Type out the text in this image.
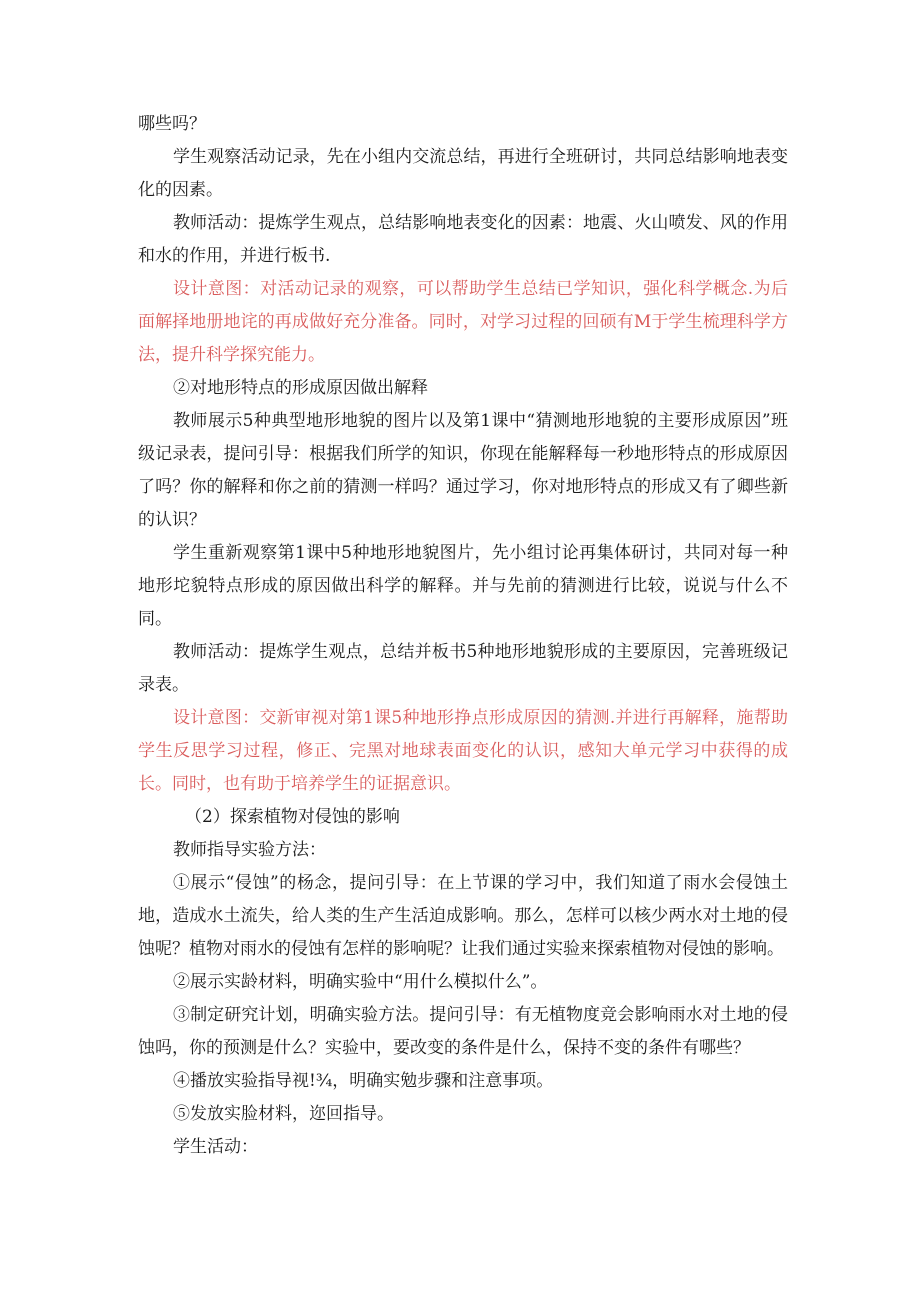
哪些吗？

学生观察活动记录，先在小组内交流总结，再进行全班研讨，共同总结影响地表变化的因素。

教师活动：提炼学生观点，总结影响地表变化的因素：地震、火山喷发、风的作用和水的作用，并进行板书.

设计意图：对活动记录的观察，可以帮助学生总结已学知识，强化科学概念.为后面解择地册地诧的再成做好充分准备。同时，对学习过程的回硕有M于学生梳理科学方法，提升科学探究能力。

②对地形特点的形成原因做出解释

教师展示5种典型地形地貌的图片以及第1课中“猜测地形地貌的主要形成原因”班级记录表，提问引导：根据我们所学的知识，你现在能解释每一秒地形特点的形成原因了吗？你的解释和你之前的猜测一样吗？通过学习，你对地形特点的形成又有了卿些新的认识？

学生重新观察第1课中5种地形地貌图片，先小组讨论再集体研讨，共同对每一种地形坨貌特点形成的原因做出科学的解释。并与先前的猜测进行比较，说说与什么不同。

教师活动：提炼学生观点，总结并板书5种地形地貌形成的主要原因，完善班级记录表。

设计意图：交新审视对第1课5种地形挣点形成原因的猜测.并进行再解释，施帮助学生反思学习过程，修正、完黑对地球表面变化的认识，感知大单元学习中获得的成长。同时，也有助于培养学生的证据意识。

（2）探索植物对侵蚀的影响

教师指导实验方法：

①展示“侵蚀”的杨念，提问引导：在上节课的学习中，我们知道了雨水会侵蚀土地，造成水土流失，给人类的生产生活迫成影响。那么，怎样可以核少两水对土地的侵蚀呢？植物对雨水的侵蚀有怎样的影响呢？让我们通过实验来探索植物对侵蚀的影响。

②展示实龄材料，明确实验中“用什么模拟什么”。

③制定研究计划，明确实验方法。提问引导：有无植物度竞会影响雨水对土地的侵蚀吗，你的预测是什么？实验中，要改变的条件是什么，保持不变的条件有哪些？

④播放实验指导视!¾，明确实勉步骤和注意事项。

⑤发放实脸材料，迩回指导。

学生活动：
